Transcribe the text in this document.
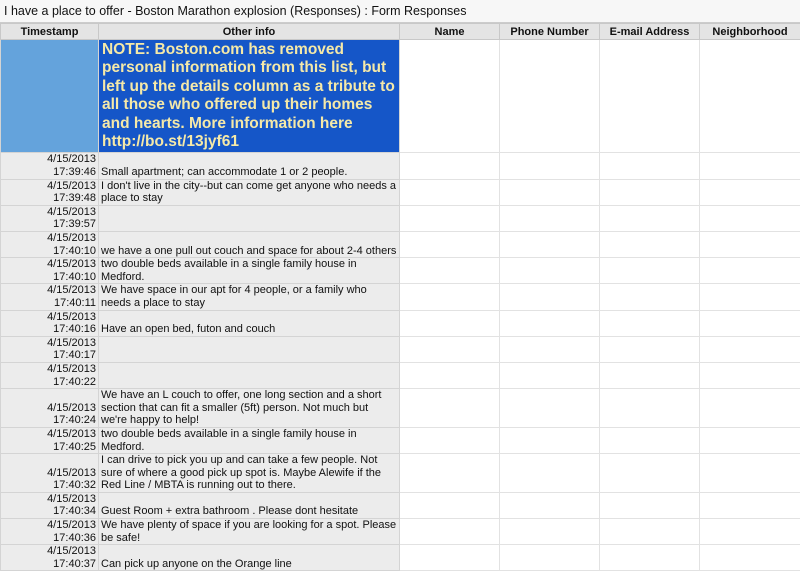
I have a place to offer - Boston Marathon explosion (Responses) : Form Responses
Timestamp	Other info	Name	Phone Number	E-mail Address	Neighborhood
	NOTE: Boston.com has removed personal information from this list, but left up the details column as a tribute to all those who offered up their homes and hearts. More information here http://bo.st/13jyf61				
4/15/2013
17:39:46	Small apartment; can accommodate 1 or 2 people.				
4/15/2013
17:39:48	I don't live in the city--but can come get anyone who needs a place to stay				
4/15/2013
17:39:57					
4/15/2013
17:40:10	we have a one pull out couch and space for about 2-4 others				
4/15/2013
17:40:10	two double beds available in a single family house in Medford.				
4/15/2013 17:40:11	We have space in our apt for 4 people, or a family who needs a place to stay				
4/15/2013
17:40:16	Have an open bed, futon and couch				
4/15/2013
17:40:17					
4/15/2013
17:40:22					
4/15/2013
17:40:24	We have an L couch to offer, one long section and a short section that can fit a smaller (5ft) person. Not much but we're happy to help!				
4/15/2013
17:40:25	two double beds available in a single family house in Medford.				
4/15/2013
17:40:32	I can drive to pick you up and can take a few people. Not sure of where a good pick up spot is. Maybe Alewife if the Red Line / MBTA is running out to there.				
4/15/2013
17:40:34	Guest Room + extra bathroom . Please dont hesitate				
4/15/2013
17:40:36	We have plenty of space if you are looking for a spot. Please be safe!				
4/15/2013
17:40:37	Can pick up anyone on the Orange line				
